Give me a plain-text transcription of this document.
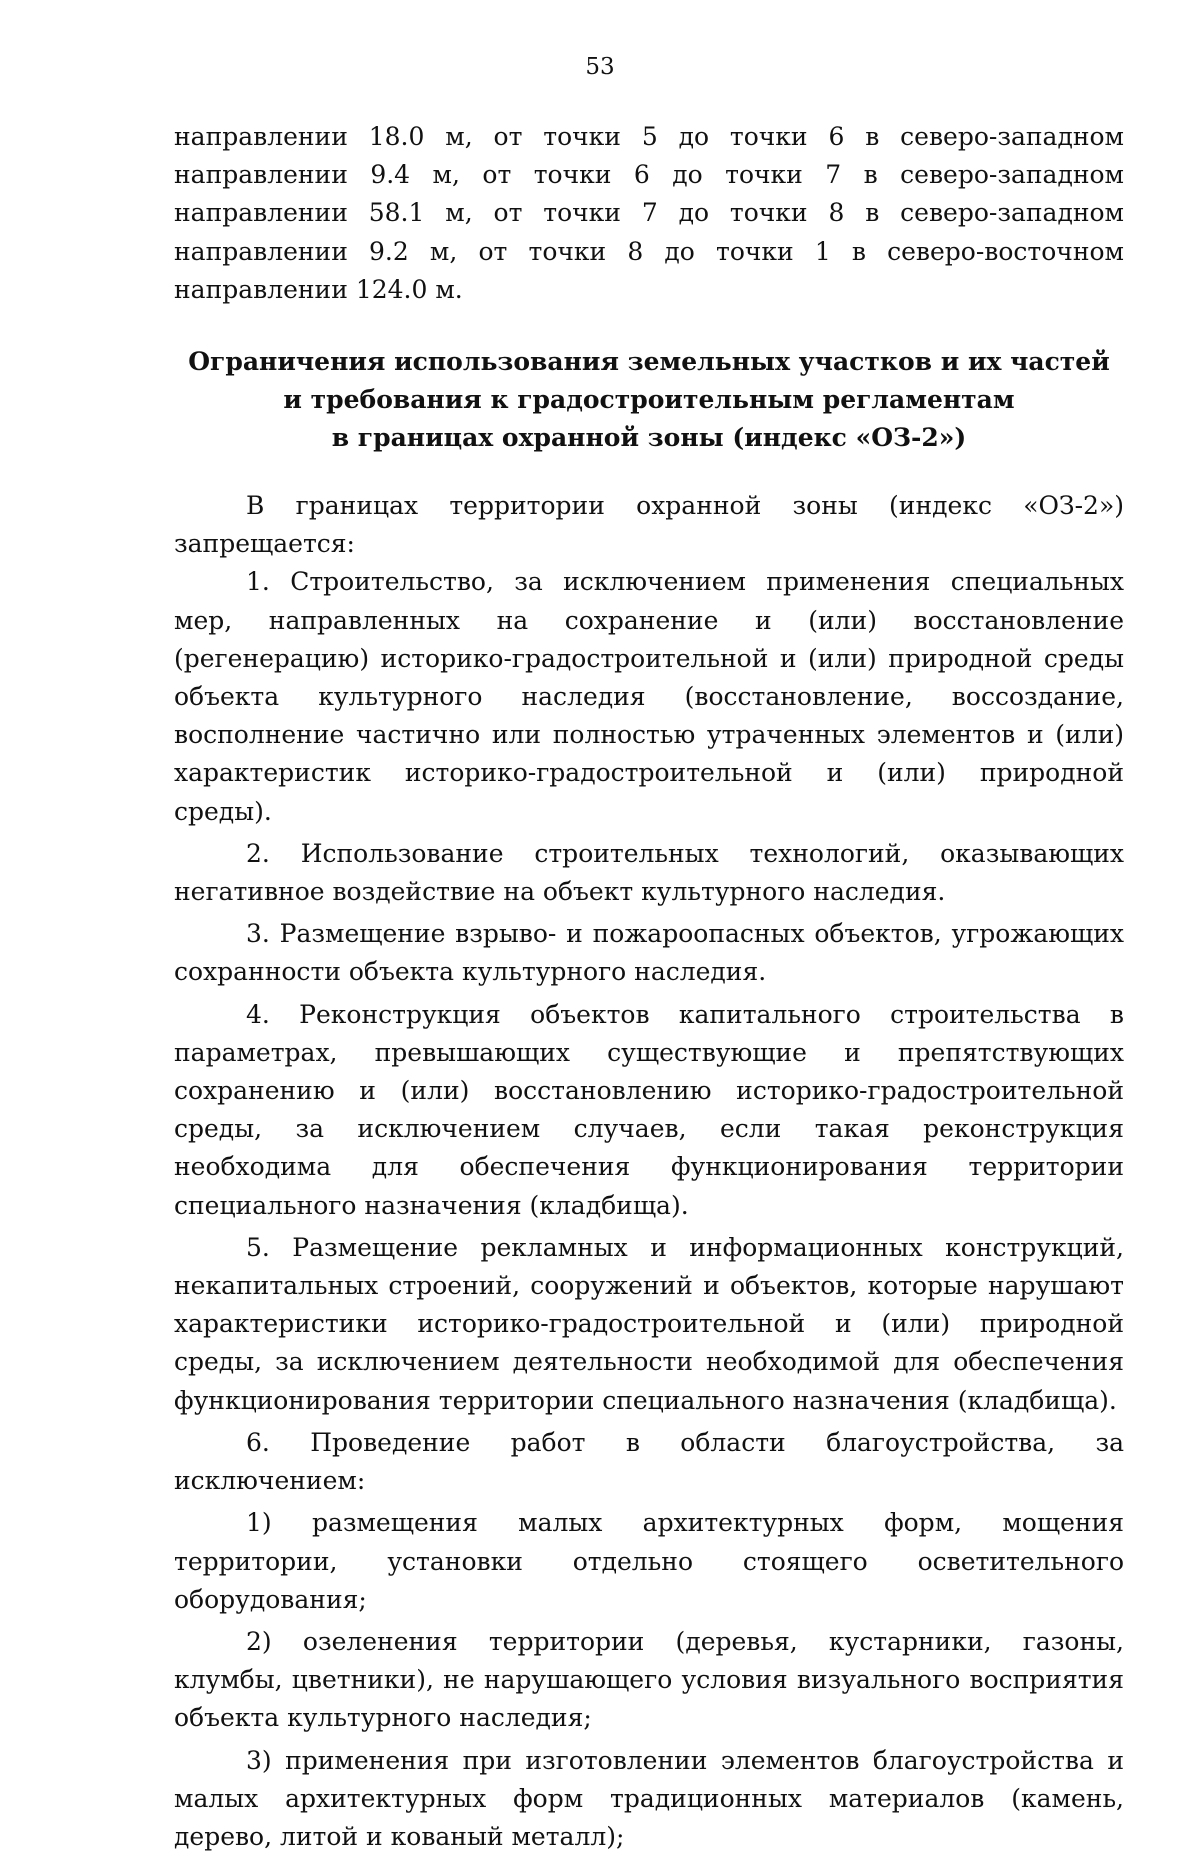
53

направлении 18.0 м, от точки 5 до точки 6 в северо-западном направлении 9.4 м, от точки 6 до точки 7 в северо-западном направлении 58.1 м, от точки 7 до точки 8 в северо-западном направлении 9.2 м, от точки 8 до точки 1 в северо-восточном направлении 124.0 м.

Ограничения использования земельных участков и их частей
и требования к градостроительным регламентам
в границах охранной зоны (индекс «ОЗ-2»)

В границах территории охранной зоны (индекс «ОЗ-2») запрещается:

1. Строительство, за исключением применения специальных мер, направленных на сохранение и (или) восстановление (регенерацию) историко-градостроительной и (или) природной среды объекта культурного наследия (восстановление, воссоздание, восполнение частично или полностью утраченных элементов и (или) характеристик историко-градостроительной и (или) природной среды).

2. Использование строительных технологий, оказывающих негативное воздействие на объект культурного наследия.

3. Размещение взрыво- и пожароопасных объектов, угрожающих сохранности объекта культурного наследия.

4. Реконструкция объектов капитального строительства в параметрах, превышающих существующие и препятствующих сохранению и (или) восстановлению историко-градостроительной среды, за исключением случаев, если такая реконструкция необходима для обеспечения функционирования территории специального назначения (кладбища).

5. Размещение рекламных и информационных конструкций, некапитальных строений, сооружений и объектов, которые нарушают характеристики историко-градостроительной и (или) природной среды, за исключением деятельности необходимой для обеспечения функционирования территории специального назначения (кладбища).

6. Проведение работ в области благоустройства, за исключением:

1) размещения малых архитектурных форм, мощения территории, установки отдельно стоящего осветительного оборудования;

2) озеленения территории (деревья, кустарники, газоны, клумбы, цветники), не нарушающего условия визуального восприятия объекта культурного наследия;

3) применения при изготовлении элементов благоустройства и малых архитектурных форм традиционных материалов (камень, дерево, литой и кованый металл);
